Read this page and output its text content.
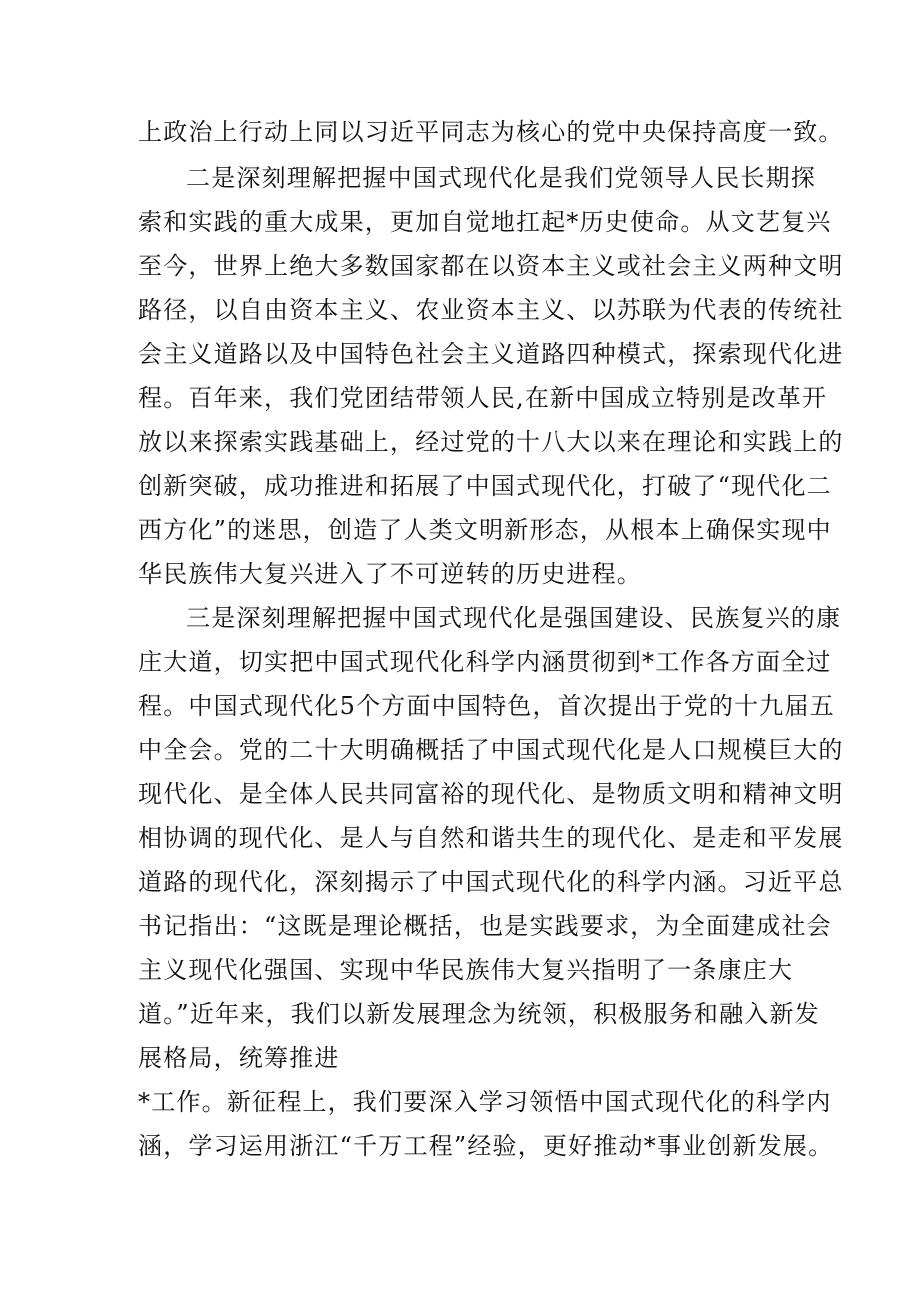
上政治上行动上同以习近平同志为核心的党中央保持高度一致。
二是深刻理解把握中国式现代化是我们党领导人民长期探
索和实践的重大成果，更加自觉地扛起*历史使命。从文艺复兴
至今，世界上绝大多数国家都在以资本主义或社会主义两种文明
路径，以自由资本主义、农业资本主义、以苏联为代表的传统社
会主义道路以及中国特色社会主义道路四种模式，探索现代化进
程。百年来，我们党团结带领人民,在新中国成立特别是改革开
放以来探索实践基础上，经过党的十八大以来在理论和实践上的
创新突破，成功推进和拓展了中国式现代化，打破了“现代化二
西方化”的迷思，创造了人类文明新形态，从根本上确保实现中
华民族伟大复兴进入了不可逆转的历史进程。
三是深刻理解把握中国式现代化是强国建设、民族复兴的康
庄大道，切实把中国式现代化科学内涵贯彻到*工作各方面全过
程。中国式现代化5个方面中国特色，首次提出于党的十九届五
中全会。党的二十大明确概括了中国式现代化是人口规模巨大的
现代化、是全体人民共同富裕的现代化、是物质文明和精神文明
相协调的现代化、是人与自然和谐共生的现代化、是走和平发展
道路的现代化，深刻揭示了中国式现代化的科学内涵。习近平总
书记指出：“这既是理论概括，也是实践要求，为全面建成社会
主义现代化强国、实现中华民族伟大复兴指明了一条康庄大
道。”近年来，我们以新发展理念为统领，积极服务和融入新发
展格局，统筹推进
*工作。新征程上，我们要深入学习领悟中国式现代化的科学内
涵，学习运用浙江“千万工程”经验，更好推动*事业创新发展。
